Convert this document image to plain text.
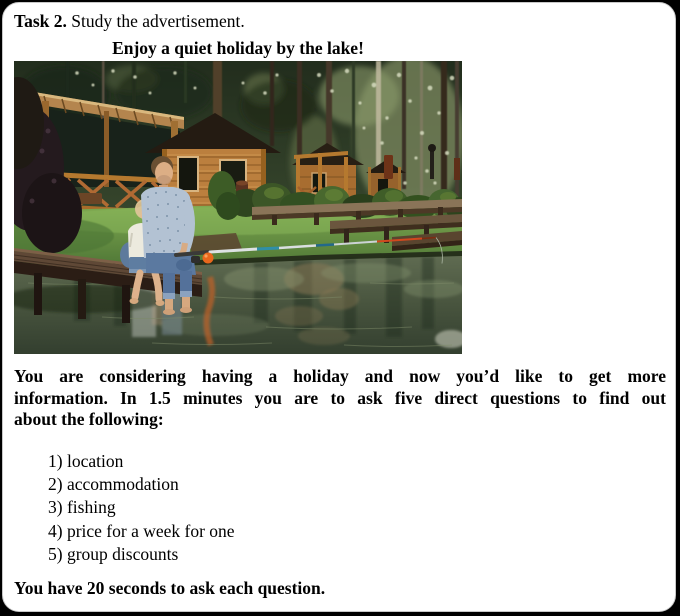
Task 2. Study the advertisement.
Enjoy a quiet holiday by the lake!
You are considering having a holiday and now you’d like to get more
information. In 1.5 minutes you are to ask five direct questions to find out
about the following:
1) location
2) accommodation
3) fishing
4) price for a week for one
5) group discounts
You have 20 seconds to ask each question.
